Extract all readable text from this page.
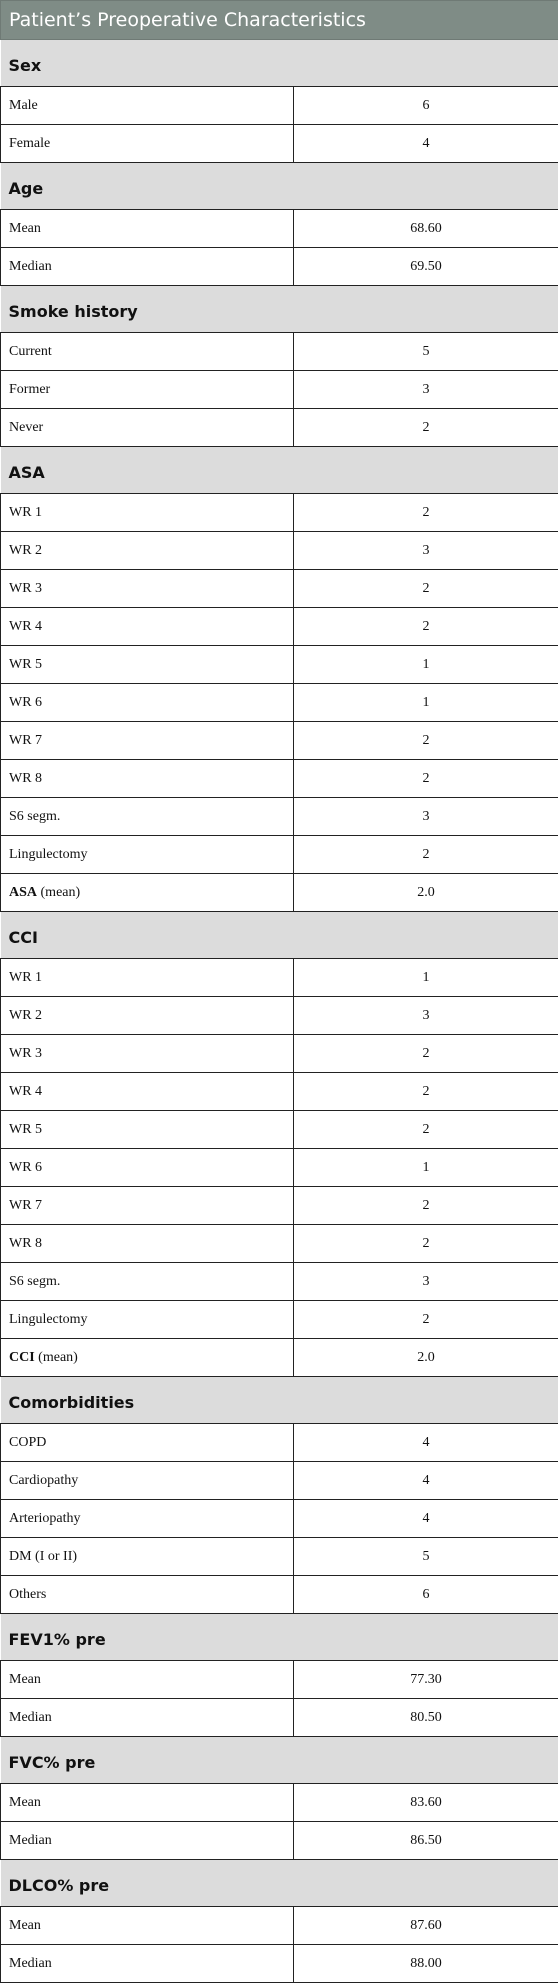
Patient’s Preoperative Characteristics	
Sex	
Male	6
Female	4
Age	
Mean	68.60
Median	69.50
Smoke history	
Current	5
Former	3
Never	2
ASA	
WR 1	2
WR 2	3
WR 3	2
WR 4	2
WR 5	1
WR 6	1
WR 7	2
WR 8	2
S6 segm.	3
Lingulectomy	2
ASA (mean)	2.0
CCI	
WR 1	1
WR 2	3
WR 3	2
WR 4	2
WR 5	2
WR 6	1
WR 7	2
WR 8	2
S6 segm.	3
Lingulectomy	2
CCI (mean)	2.0
Comorbidities	
COPD	4
Cardiopathy	4
Arteriopathy	4
DM (I or II)	5
Others	6
FEV1% pre	
Mean	77.30
Median	80.50
FVC% pre	
Mean	83.60
Median	86.50
DLCO% pre	
Mean	87.60
Median	88.00
